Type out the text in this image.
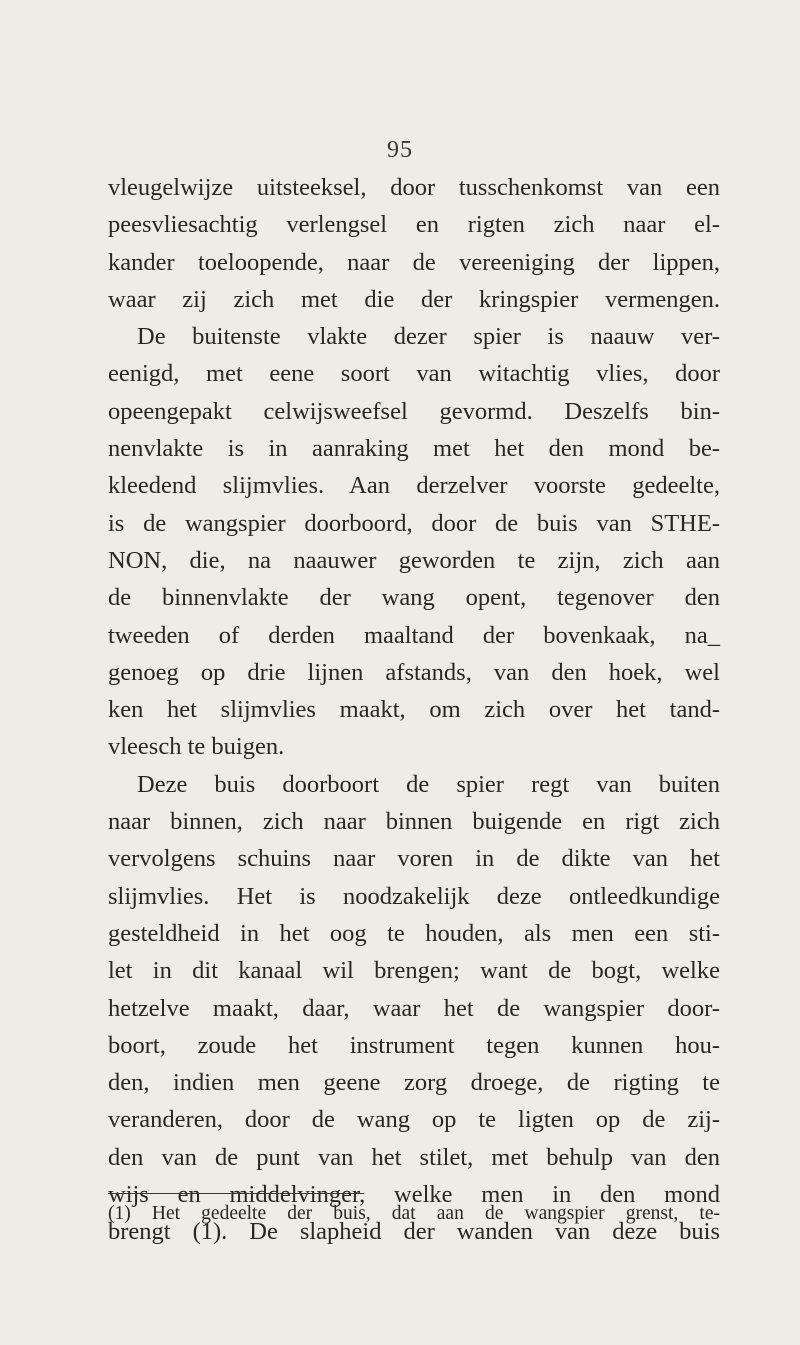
95
vleugelwijze uitsteeksel, door tusschenkomst van een
peesvliesachtig verlengsel en rigten zich naar el-
kander toeloopende, naar de vereeniging der lippen,
waar zij zich met die der kringspier vermengen.
De buitenste vlakte dezer spier is naauw ver-
eenigd, met eene soort van witachtig vlies, door
opeengepakt celwijsweefsel gevormd. Deszelfs bin-
nenvlakte is in aanraking met het den mond be-
kleedend slijmvlies. Aan derzelver voorste gedeelte,
is de wangspier doorboord, door de buis van STHE-
NON, die, na naauwer geworden te zijn, zich aan
de binnenvlakte der wang opent, tegenover den
tweeden of derden maaltand der bovenkaak, na_
genoeg op drie lijnen afstands, van den hoek, wel
ken het slijmvlies maakt, om zich over het tand-
vleesch te buigen.
Deze buis doorboort de spier regt van buiten
naar binnen, zich naar binnen buigende en rigt zich
vervolgens schuins naar voren in de dikte van het
slijmvlies. Het is noodzakelijk deze ontleedkundige
gesteldheid in het oog te houden, als men een sti-
let in dit kanaal wil brengen; want de bogt, welke
hetzelve maakt, daar, waar het de wangspier door-
boort, zoude het instrument tegen kunnen hou-
den, indien men geene zorg droege, de rigting te
veranderen, door de wang op te ligten op de zij-
den van de punt van het stilet, met behulp van den
wijs en middelvinger, welke men in den mond
brengt (1). De slapheid der wanden van deze buis
(1) Het gedeelte der buis, dat aan de wangspier grenst, te-
